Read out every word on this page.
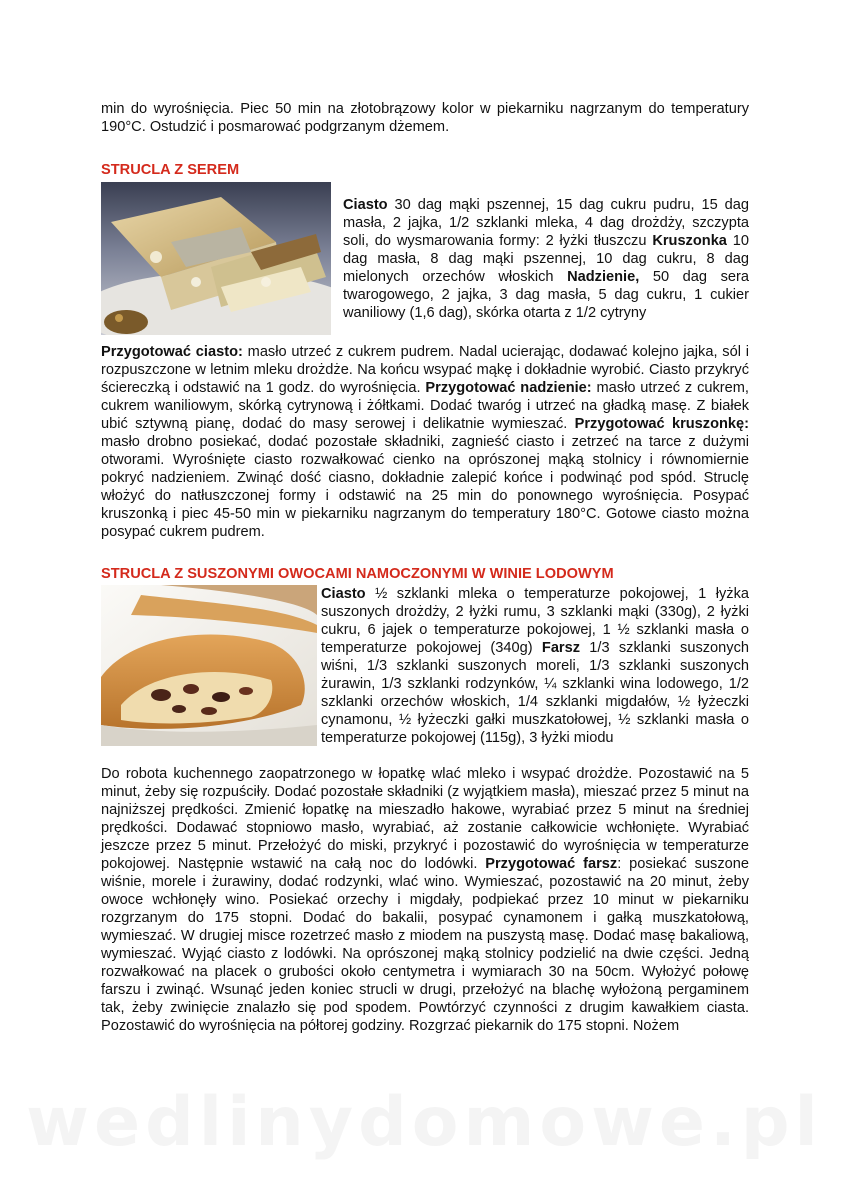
min do wyrośnięcia. Piec 50 min na złotobrązowy kolor w piekarniku nagrzanym do temperatury 190°C. Ostudzić i posmarować podgrzanym dżemem.

STRUCLA Z SEREM

Ciasto 30 dag mąki pszennej, 15 dag cukru pudru, 15 dag masła, 2 jajka, 1/2 szklanki mleka, 4 dag drożdży, szczypta soli, do wysmarowania formy: 2 łyżki tłuszczu Kruszonka 10 dag masła, 8 dag mąki pszennej, 10 dag cukru, 8 dag mielonych orzechów włoskich Nadzienie, 50 dag sera twarogowego, 2 jajka, 3 dag masła, 5 dag cukru, 1 cukier waniliowy (1,6 dag), skórka otarta z 1/2 cytryny

Przygotować ciasto: masło utrzeć z cukrem pudrem. Nadal ucierając, dodawać kolejno jajka, sól i rozpuszczone w letnim mleku drożdże. Na końcu wsypać mąkę i dokładnie wyrobić. Ciasto przykryć ściereczką i odstawić na 1 godz. do wyrośnięcia. Przygotować nadzienie: masło utrzeć z cukrem, cukrem waniliowym, skórką cytrynową i żółtkami. Dodać twaróg i utrzeć na gładką masę. Z białek ubić sztywną pianę, dodać do masy serowej i delikatnie wymieszać. Przygotować kruszonkę: masło drobno posiekać, dodać pozostałe składniki, zagnieść ciasto i zetrzeć na tarce z dużymi otworami. Wyrośnięte ciasto rozwałkować cienko na oprószonej mąką stolnicy i równomiernie pokryć nadzieniem. Zwinąć dość ciasno, dokładnie zalepić końce i podwinąć pod spód. Struclę włożyć do natłuszczonej formy i odstawić na 25 min do ponownego wyrośnięcia. Posypać kruszonką i piec 45-50 min w piekarniku nagrzanym do temperatury 180°C. Gotowe ciasto można posypać cukrem pudrem.

STRUCLA Z SUSZONYMI OWOCAMI NAMOCZONYMI W WINIE LODOWYM

Ciasto ½ szklanki mleka o temperaturze pokojowej, 1 łyżka suszonych drożdży, 2 łyżki rumu, 3 szklanki mąki (330g), 2 łyżki cukru, 6 jajek o temperaturze pokojowej, 1 ½ szklanki masła o temperaturze pokojowej (340g) Farsz 1/3 szklanki suszonych wiśni, 1/3 szklanki suszonych moreli, 1/3 szklanki suszonych żurawin, 1/3 szklanki rodzynków, ¼ szklanki wina lodowego, 1/2 szklanki orzechów włoskich, 1/4 szklanki migdałów, ½ łyżeczki cynamonu, ½ łyżeczki gałki muszkatołowej, ½ szklanki masła o temperaturze pokojowej (115g), 3 łyżki miodu

Do robota kuchennego zaopatrzonego w łopatkę wlać mleko i wsypać drożdże. Pozostawić na 5 minut, żeby się rozpuściły. Dodać pozostałe składniki (z wyjątkiem masła), mieszać przez 5 minut na najniższej prędkości. Zmienić łopatkę na mieszadło hakowe, wyrabiać przez 5 minut na średniej prędkości. Dodawać stopniowo masło, wyrabiać, aż zostanie całkowicie wchłonięte. Wyrabiać jeszcze przez 5 minut. Przełożyć do miski, przykryć i pozostawić do wyrośnięcia w temperaturze pokojowej. Następnie wstawić na całą noc do lodówki. Przygotować farsz: posiekać suszone wiśnie, morele i żurawiny, dodać rodzynki, wlać wino. Wymieszać, pozostawić na 20 minut, żeby owoce wchłonęły wino. Posiekać orzechy i migdały, podpiekać przez 10 minut w piekarniku rozgrzanym do 175 stopni. Dodać do bakalii, posypać cynamonem i gałką muszkatołową, wymieszać. W drugiej misce rozetrzeć masło z miodem na puszystą masę. Dodać masę bakaliową, wymieszać. Wyjąć ciasto z lodówki. Na oprószonej mąką stolnicy podzielić na dwie części. Jedną rozwałkować na placek o grubości około centymetra i wymiarach 30 na 50cm. Wyłożyć połowę farszu i zwinąć. Wsunąć jeden koniec strucli w drugi, przełożyć na blachę wyłożoną pergaminem tak, żeby zwinięcie znalazło się pod spodem. Powtórzyć czynności z drugim kawałkiem ciasta. Pozostawić do wyrośnięcia na półtorej godziny. Rozgrzać piekarnik do 175 stopni. Nożem

wedlinydomowe.pl
